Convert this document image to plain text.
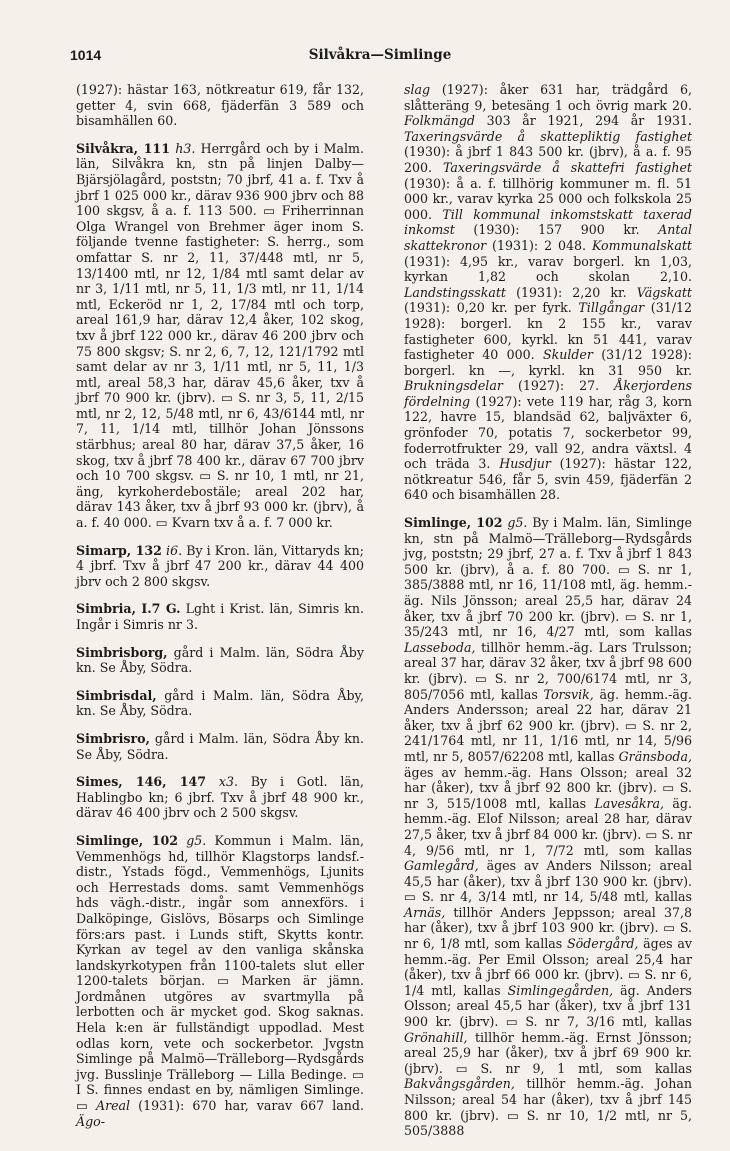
1014	Silvåkra—Simlinge

(1927): hästar 163, nötkreatur 619, får 132, getter 4, svin 668, fjäderfän 3 589 och bisamhällen 60.

Silvåkra, 111 h3. Herrgård och by i Malm. län, Silvåkra kn, stn på linjen Dalby—Bjärsjölagård, poststn; 70 jbrf, 41 a. f. Txv å jbrf 1 025 000 kr., därav 936 900 jbrv och 88 100 skgsv, å a. f. 113 500. ▭ Friherrinnan Olga Wrangel von Brehmer äger inom S. följande tvenne fastigheter: S. herrg., som omfattar S. nr 2, 11, 37/448 mtl, nr 5, 13/1400 mtl, nr 12, 1/84 mtl samt delar av nr 3, 1/11 mtl, nr 5, 11, 1/3 mtl, nr 11, 1/14 mtl, Eckeröd nr 1, 2, 17/84 mtl och torp, areal 161,9 har, därav 12,4 åker, 102 skog, txv å jbrf 122 000 kr., därav 46 200 jbrv och 75 800 skgsv; S. nr 2, 6, 7, 12, 121/1792 mtl samt delar av nr 3, 1/11 mtl, nr 5, 11, 1/3 mtl, areal 58,3 har, därav 45,6 åker, txv å jbrf 70 900 kr. (jbrv). ▭ S. nr 3, 5, 11, 2/15 mtl, nr 2, 12, 5/48 mtl, nr 6, 43/6144 mtl, nr 7, 11, 1/14 mtl, tillhör Johan Jönssons stärbhus; areal 80 har, därav 37,5 åker, 16 skog, txv å jbrf 78 400 kr., därav 67 700 jbrv och 10 700 skgsv. ▭ S. nr 10, 1 mtl, nr 21, äng, kyrkoherdebostäle; areal 202 har, därav 143 åker, txv å jbrf 93 000 kr. (jbrv), å a. f. 40 000. ▭ Kvarn txv å a. f. 7 000 kr.

Simarp, 132 i6. By i Kron. län, Vittaryds kn; 4 jbrf. Txv å jbrf 47 200 kr., därav 44 400 jbrv och 2 800 skgsv.

Simbria, I.7 G. Lght i Krist. län, Simris kn. Ingår i Simris nr 3.

Simbrisborg, gård i Malm. län, Södra Åby kn. Se Åby, Södra.

Simbrisdal, gård i Malm. län, Södra Åby, kn. Se Åby, Södra.

Simbrisro, gård i Malm. län, Södra Åby kn. Se Åby, Södra.

Simes, 146, 147 x3. By i Gotl. län, Hablingbo kn; 6 jbrf. Txv å jbrf 48 900 kr., därav 46 400 jbrv och 2 500 skgsv.

Simlinge, 102 g5. Kommun i Malm. län, Vemmenhögs hd, tillhör Klagstorps landsf.-distr., Ystads fögd., Vemmenhögs, Ljunits och Herrestads doms. samt Vemmenhögs hds vägh.-distr., ingår som annexförs. i Dalköpinge, Gislövs, Bösarps och Simlinge förs:ars past. i Lunds stift, Skytts kontr. Kyrkan av tegel av den vanliga skånska landskyrkotypen från 1100-talets slut eller 1200-talets början. ▭ Marken är jämn. Jordmånen utgöres av svartmylla på lerbotten och är mycket god. Skog saknas. Hela k:en är fullständigt uppodlad. Mest odlas korn, vete och sockerbetor. Jvgstn Simlinge på Malmö—Trälleborg—Rydsgårds jvg. Busslinje Trälleborg — Lilla Bedinge. ▭ I S. finnes endast en by, nämligen Simlinge. ▭ Areal (1931): 670 har, varav 667 land. Ägo-

slag (1927): åker 631 har, trädgård 6, slåtteräng 9, betesäng 1 och övrig mark 20. Folkmängd 303 år 1921, 294 år 1931. Taxeringsvärde å skattepliktig fastighet (1930): å jbrf 1 843 500 kr. (jbrv), å a. f. 95 200. Taxeringsvärde å skattefri fastighet (1930): å a. f. tillhörig kommuner m. fl. 51 000 kr., varav kyrka 25 000 och folkskola 25 000. Till kommunal inkomstskatt taxerad inkomst (1930): 157 900 kr. Antal skattekronor (1931): 2 048. Kommunalskatt (1931): 4,95 kr., varav borgerl. kn 1,03, kyrkan 1,82 och skolan 2,10. Landstingsskatt (1931): 2,20 kr. Vägskatt (1931): 0,20 kr. per fyrk. Tillgångar (31/12 1928): borgerl. kn 2 155 kr., varav fastigheter 600, kyrkl. kn 51 441, varav fastigheter 40 000. Skulder (31/12 1928): borgerl. kn —, kyrkl. kn 31 950 kr. Brukningsdelar (1927): 27. Åkerjordens fördelning (1927): vete 119 har, råg 3, korn 122, havre 15, blandsäd 62, baljväxter 6, grönfoder 70, potatis 7, sockerbetor 99, foderrotfrukter 29, vall 92, andra växtsl. 4 och träda 3. Husdjur (1927): hästar 122, nötkreatur 546, får 5, svin 459, fjäderfän 2 640 och bisamhällen 28.

Simlinge, 102 g5. By i Malm. län, Simlinge kn, stn på Malmö—Trälleborg—Rydsgårds jvg, poststn; 29 jbrf, 27 a. f. Txv å jbrf 1 843 500 kr. (jbrv), å a. f. 80 700. ▭ S. nr 1, 385/3888 mtl, nr 16, 11/108 mtl, äg. hemm.-äg. Nils Jönsson; areal 25,5 har, därav 24 åker, txv å jbrf 70 200 kr. (jbrv). ▭ S. nr 1, 35/243 mtl, nr 16, 4/27 mtl, som kallas Lasseboda, tillhör hemm.-äg. Lars Trulsson; areal 37 har, därav 32 åker, txv å jbrf 98 600 kr. (jbrv). ▭ S. nr 2, 700/6174 mtl, nr 3, 805/7056 mtl, kallas Torsvik, äg. hemm.-äg. Anders Andersson; areal 22 har, därav 21 åker, txv å jbrf 62 900 kr. (jbrv). ▭ S. nr 2, 241/1764 mtl, nr 11, 1/16 mtl, nr 14, 5/96 mtl, nr 5, 8057/62208 mtl, kallas Gränsboda, äges av hemm.-äg. Hans Olsson; areal 32 har (åker), txv å jbrf 92 800 kr. (jbrv). ▭ S. nr 3, 515/1008 mtl, kallas Lavesåkra, äg. hemm.-äg. Elof Nilsson; areal 28 har, därav 27,5 åker, txv å jbrf 84 000 kr. (jbrv). ▭ S. nr 4, 9/56 mtl, nr 1, 7/72 mtl, som kallas Gamlegård, äges av Anders Nilsson; areal 45,5 har (åker), txv å jbrf 130 900 kr. (jbrv). ▭ S. nr 4, 3/14 mtl, nr 14, 5/48 mtl, kallas Arnäs, tillhör Anders Jeppsson; areal 37,8 har (åker), txv å jbrf 103 900 kr. (jbrv). ▭ S. nr 6, 1/8 mtl, som kallas Södergård, äges av hemm.-äg. Per Emil Olsson; areal 25,4 har (åker), txv å jbrf 66 000 kr. (jbrv). ▭ S. nr 6, 1/4 mtl, kallas Simlingegården, äg. Anders Olsson; areal 45,5 har (åker), txv å jbrf 131 900 kr. (jbrv). ▭ S. nr 7, 3/16 mtl, kallas Grönahill, tillhör hemm.-äg. Ernst Jönsson; areal 25,9 har (åker), txv å jbrf 69 900 kr. (jbrv). ▭ S. nr 9, 1 mtl, som kallas Bakvångsgården, tillhör hemm.-äg. Johan Nilsson; areal 54 har (åker), txv å jbrf 145 800 kr. (jbrv). ▭ S. nr 10, 1/2 mtl, nr 5, 505/3888
